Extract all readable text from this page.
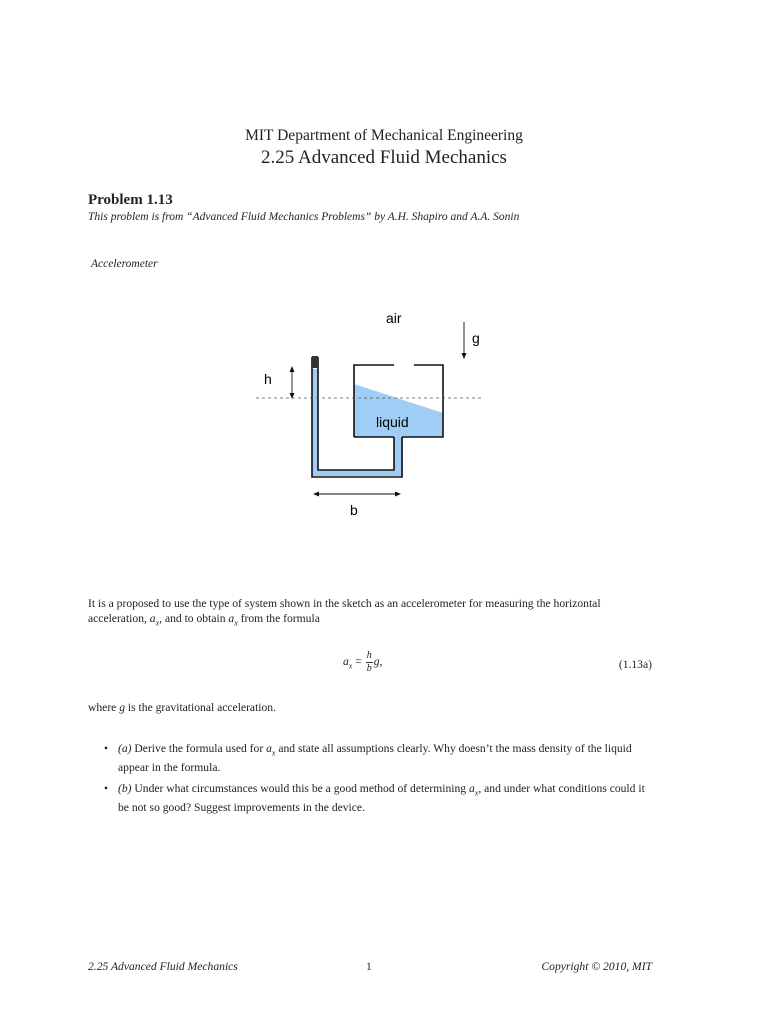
MIT Department of Mechanical Engineering
2.25 Advanced Fluid Mechanics
Problem 1.13
This problem is from “Advanced Fluid Mechanics Problems” by A.H. Shapiro and A.A. Sonin
Accelerometer
air
g
h
liquid
b
It is a proposed to use the type of system shown in the sketch as an accelerometer for measuring the horizontal acceleration, $a_x$, and to obtain $a_x$ from the formula
$a_x = \frac{h}{b} g$,	(1.13a)
where g is the gravitational acceleration.
• (a) Derive the formula used for $a_x$ and state all assumptions clearly. Why doesn’t the mass density of the liquid appear in the formula.
• (b) Under what circumstances would this be a good method of determining $a_x$, and under what conditions could it be not so good? Suggest improvements in the device.
2.25 Advanced Fluid Mechanics	1	Copyright © 2010, MIT
